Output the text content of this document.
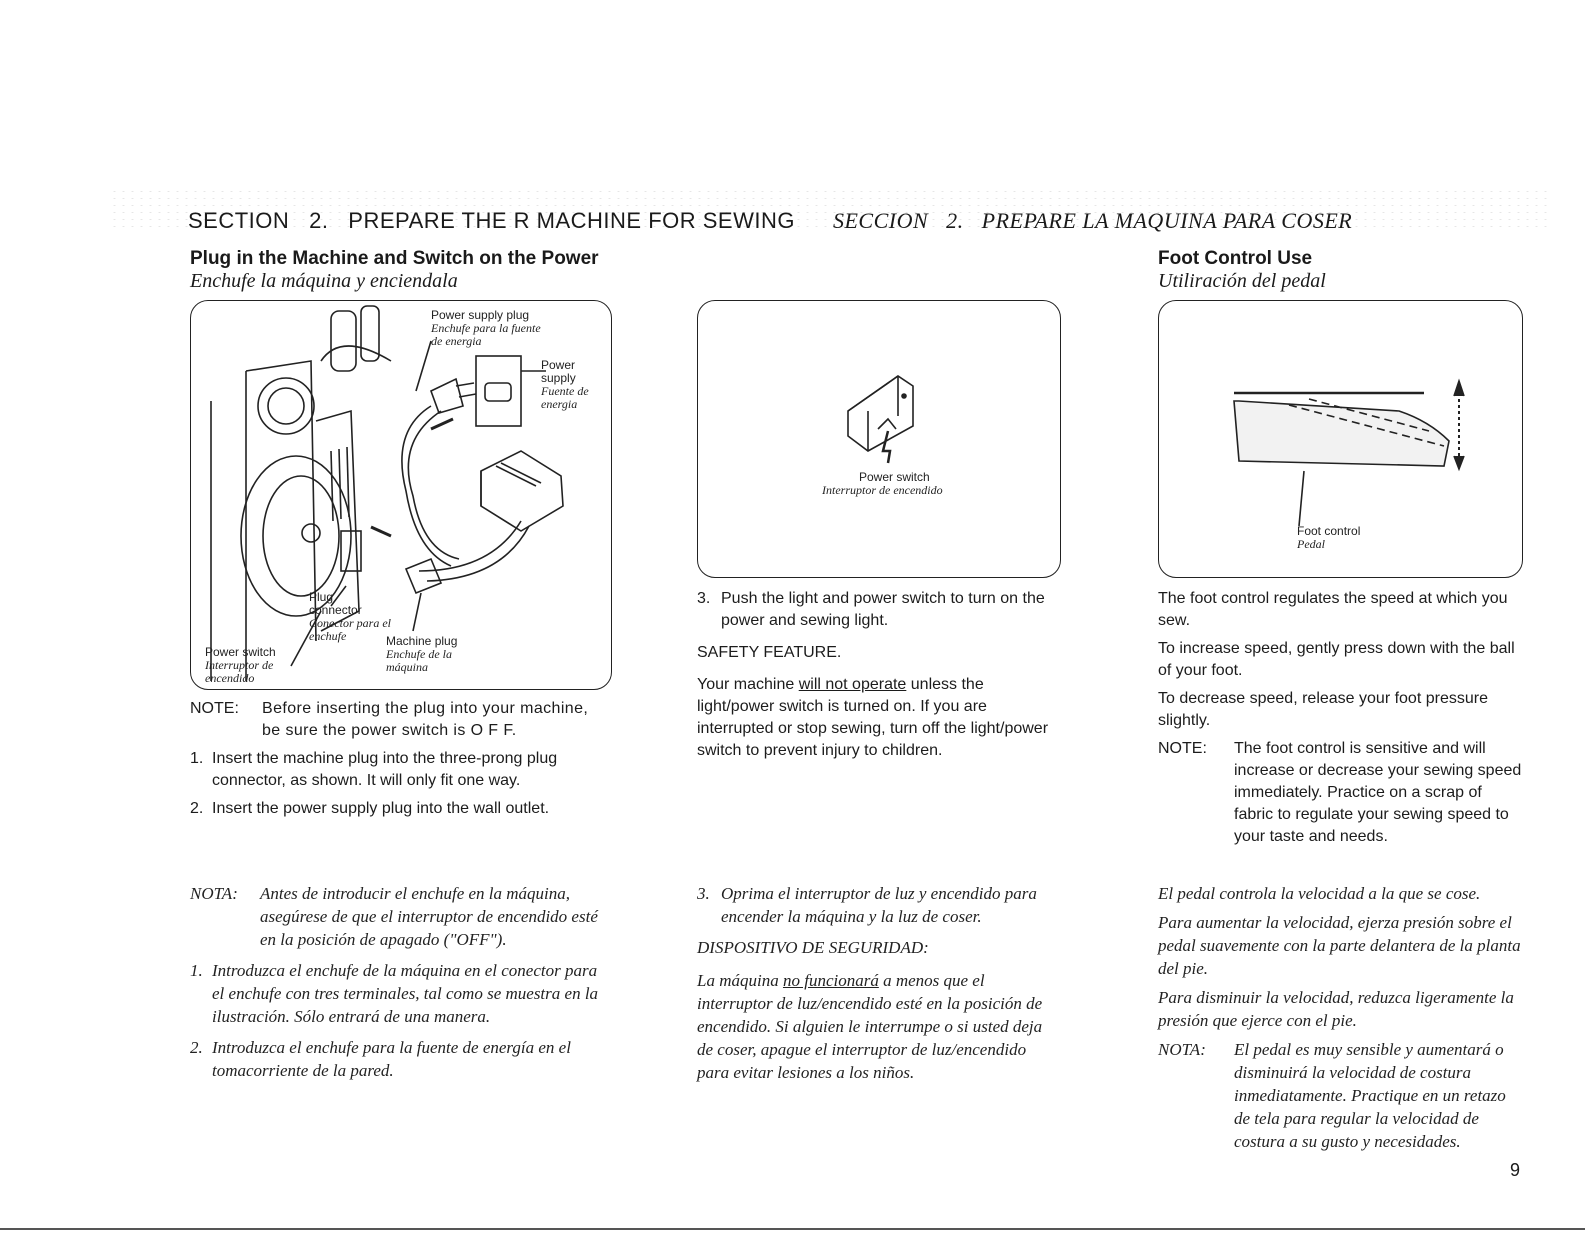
SECTION   2.   PREPARE THE R MACHINE FOR SEWING SECCION   2.   PREPARE LA MAQUINA PARA COSER
Plug in the Machine and Switch on the Power
Enchufe la máquina y enciendala
Power supply plug
Enchufe para la fuente de energia
Power supply
Fuente de energia
Plug connector
Conector para el enchufe	Machine plug
Enchufe de la máquina
Power switch
Interruptor de encendido
NOTE:	Before inserting the plug into your machine, be sure the power switch is O F F.
1. Insert the machine plug into the three-prong plug connector, as shown. It will only fit one way.
2. Insert the power supply plug into the wall outlet.
NOTA:	Antes de introducir el enchufe en la máquina, asegúrese de que el interruptor de encendido esté en la posición de apagado ("OFF").
1. Introduzca el enchufe de la máquina en el conector para el enchufe con tres terminales, tal como se muestra en la ilustración. Sólo entrará de una manera.
2. Introduzca el enchufe para la fuente de energía en el tomacorriente de la pared.
Power switch
Interruptor de encendido
3. Push the light and power switch to turn on the power and sewing light.
SAFETY FEATURE.
Your machine will not operate unless the light/power switch is turned on. If you are interrupted or stop sewing, turn off the light/power switch to prevent injury to children.
3. Oprima el interruptor de luz y encendido para encender la máquina y la luz de coser.
DISPOSITIVO DE SEGURIDAD:
La máquina no funcionará a menos que el interruptor de luz/encendido esté en la posición de encendido. Si alguien le interrumpe o si usted deja de coser, apague el interruptor de luz/encendido para evitar lesiones a los niños.
Foot Control Use
Utiliración del pedal
Foot control
Pedal

The foot control regulates the speed at which you sew.

To increase speed, gently press down with the ball of your foot.

To decrease speed, release your foot pressure slightly.

NOTE:	The foot control is sensitive and will increase or decrease your sewing speed immediately. Practice on a scrap of fabric to regulate your sewing speed to your taste and needs.

El pedal controla la velocidad a la que se cose.

Para aumentar la velocidad, ejerza presión sobre el pedal suavemente con la parte delantera de la planta del pie.

Para disminuir la velocidad, reduzca ligeramente la presión que ejerce con el pie.

NOTA:	El pedal es muy sensible y aumentará o disminuirá la velocidad de costura inmediatamente. Practique en un retazo de tela para regular la velocidad de costura a su gusto y necesidades.
9
